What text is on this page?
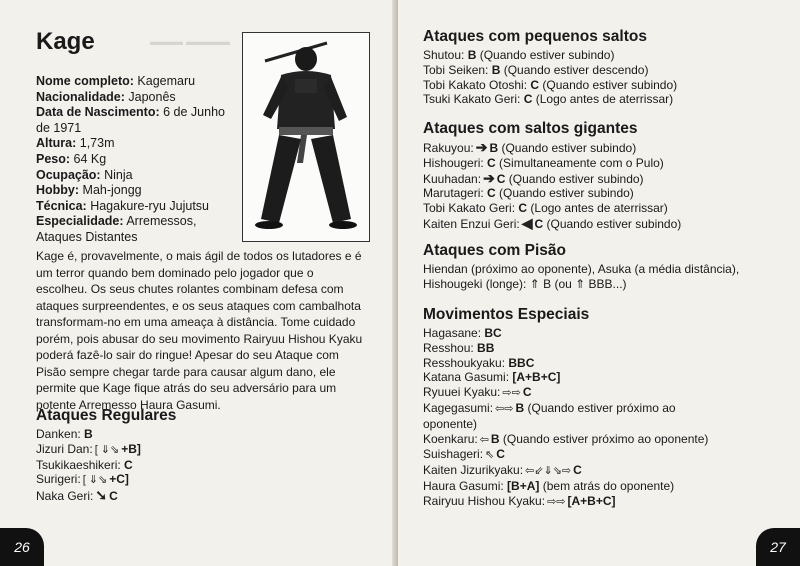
▬▬▬ ▬▬▬▬
Kage

Nome completo: Kagemaru

Nacionalidade: Japonês

Data de Nascimento: 6 de Junho de 1971

Altura: 1,73m

Peso: 64 Kg

Ocupação: Ninja

Hobby: Mah-jongg

Técnica: Hagakure-ryu Jujutsu

Especialidade: Arremessos, Ataques Distantes

Kage é, provavelmente, o mais ágil de todos os lutadores e é um terror quando bem dominado pelo jogador que o escolheu. Os seus chutes rolantes combinam defesa com ataques surpreendentes, e os seus ataques com cambalhota transformam-no em uma ameaça à distância. Tome cuidado porém, pois abusar do seu movimento Rairyuu Hishou Kyaku poderá fazê-lo sair do ringue! Apesar do seu Ataque com Pisão sempre chegar tarde para causar algum dano, ele permite que Kage fique atrás do seu adversário para um potente Arremesso Haura Gasumi.

Ataques Regulares
Danken: B
Jizuri Dan:[ ⇓⇘+B]
Tsukikaeshikeri: C
Surigeri:[ ⇓⇘+C]
Naka Geri:➘C
26
Ataques com pequenos saltos
Shutou: B (Quando estiver subindo)
Tobi Seiken: B (Quando estiver descendo)
Tobi Kakato Otoshi: C (Quando estiver subindo)
Tsuki Kakato Geri: C (Logo antes de aterrissar)
Ataques com saltos gigantes
Rakuyou:➔B (Quando estiver subindo)
Hishougeri: C (Simultaneamente com o Pulo)
Kuuhadan:➔C (Quando estiver subindo)
Marutageri: C (Quando estiver subindo)
Tobi Kakato Geri: C (Logo antes de aterrissar)
Kaiten Enzui Geri:◀C (Quando estiver subindo)
Ataques com Pisão
Hiendan (próximo ao oponente), Asuka (a média distância),
Hishougeki (longe): ⇑ B (ou ⇑ BBB...)
Movimentos Especiais
Hagasane: BC
Resshou: BB
Resshoukyaku: BBC
Katana Gasumi: [A+B+C]
Ryuuei Kyaku:⇨⇨C
Kagegasumi:⇦⇨B (Quando estiver próximo ao
oponente)
Koenkaru:⇦B (Quando estiver próximo ao oponente)
Suishageri:⇖C
Kaiten Jizurikyaku:⇦⇙⇓⇘⇨C
Haura Gasumi: [B+A] (bem atrás do oponente)
Rairyuu Hishou Kyaku:⇨⇨[A+B+C]
27
